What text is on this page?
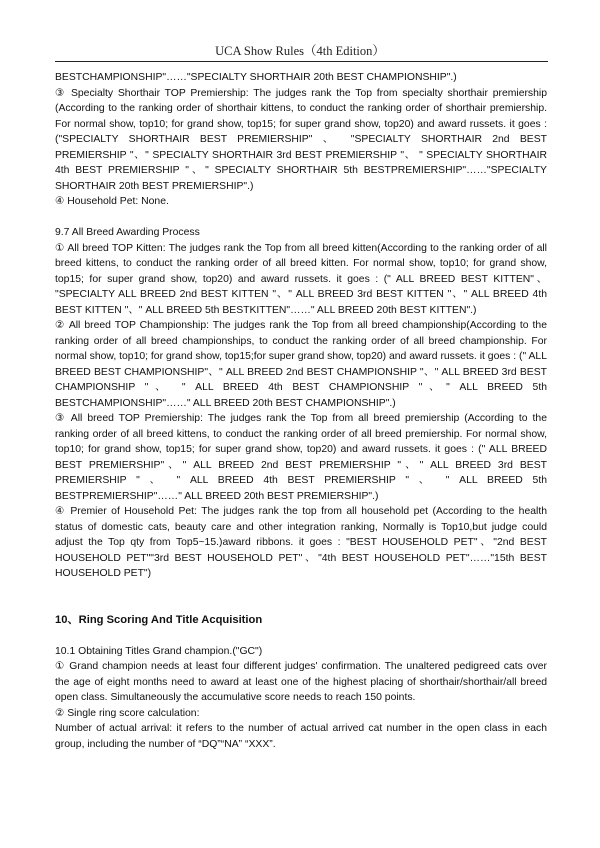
UCA Show Rules（4th Edition）

BESTCHAMPIONSHIP"……"SPECIALTY SHORTHAIR 20th BEST CHAMPIONSHIP".)

③ Specialty Shorthair TOP Premiership: The judges rank the Top from specialty shorthair premiership (According to the ranking order of shorthair kittens, to conduct the ranking order of shorthair premiership. For normal show, top10; for grand show, top15; for super grand show, top20) and award russets. it goes : ("SPECIALTY SHORTHAIR BEST PREMIERSHIP" 、 "SPECIALTY SHORTHAIR 2nd BEST PREMIERSHIP "、" SPECIALTY SHORTHAIR 3rd BEST PREMIERSHIP "、 " SPECIALTY SHORTHAIR 4th BEST PREMIERSHIP "、" SPECIALTY SHORTHAIR 5th BESTPREMIERSHIP"……"SPECIALTY SHORTHAIR 20th BEST PREMIERSHIP".)

④ Household Pet: None.

9.7 All Breed Awarding Process

① All breed TOP Kitten: The judges rank the Top from all breed kitten(According to the ranking order of all breed kittens, to conduct the ranking order of all breed kitten. For normal show, top10; for grand show, top15; for super grand show, top20) and award russets. it goes : (" ALL BREED BEST KITTEN"、 "SPECIALTY ALL BREED 2nd BEST KITTEN "、" ALL BREED 3rd BEST KITTEN "、" ALL BREED 4th BEST KITTEN "、" ALL BREED 5th BESTKITTEN"……" ALL BREED 20th BEST KITTEN".)

② All breed TOP Championship: The judges rank the Top from all breed championship(According to the ranking order of all breed championships, to conduct the ranking order of all breed championship. For normal show, top10; for grand show, top15;for super grand show, top20) and award russets. it goes : (" ALL BREED BEST CHAMPIONSHIP"、" ALL BREED 2nd BEST CHAMPIONSHIP "、" ALL BREED 3rd BEST CHAMPIONSHIP "、 " ALL BREED 4th BEST CHAMPIONSHIP "、" ALL BREED 5th BESTCHAMPIONSHIP"……" ALL BREED 20th BEST CHAMPIONSHIP".)

③ All breed TOP Premiership: The judges rank the Top from all breed premiership (According to the ranking order of all breed kittens, to conduct the ranking order of all breed premiership. For normal show, top10; for grand show, top15; for super grand show, top20) and award russets. it goes : (" ALL BREED BEST PREMIERSHIP"、" ALL BREED 2nd BEST PREMIERSHIP "、" ALL BREED 3rd BEST PREMIERSHIP " 、 " ALL BREED 4th BEST PREMIERSHIP " 、 " ALL BREED 5th BESTPREMIERSHIP"……" ALL BREED 20th BEST PREMIERSHIP".)

④ Premier of Household Pet: The judges rank the top from all household pet (According to the health status of domestic cats, beauty care and other integration ranking, Normally is Top10,but judge could adjust the Top qty from Top5~15.)award ribbons. it goes : "BEST HOUSEHOLD PET"、"2nd BEST HOUSEHOLD PET""3rd BEST HOUSEHOLD PET"、"4th BEST HOUSEHOLD PET"……"15th BEST HOUSEHOLD PET")

10、Ring Scoring And Title Acquisition

10.1 Obtaining Titles Grand champion.("GC")

① Grand champion needs at least four different judges' confirmation. The unaltered pedigreed cats over the age of eight months need to award at least one of the highest placing of shorthair/shorthair/all breed open class. Simultaneously the accumulative score needs to reach 150 points.

② Single ring score calculation:

Number of actual arrival: it refers to the number of actual arrived cat number in the open class in each group, including the number of “DQ”“NA” “XXX”.
